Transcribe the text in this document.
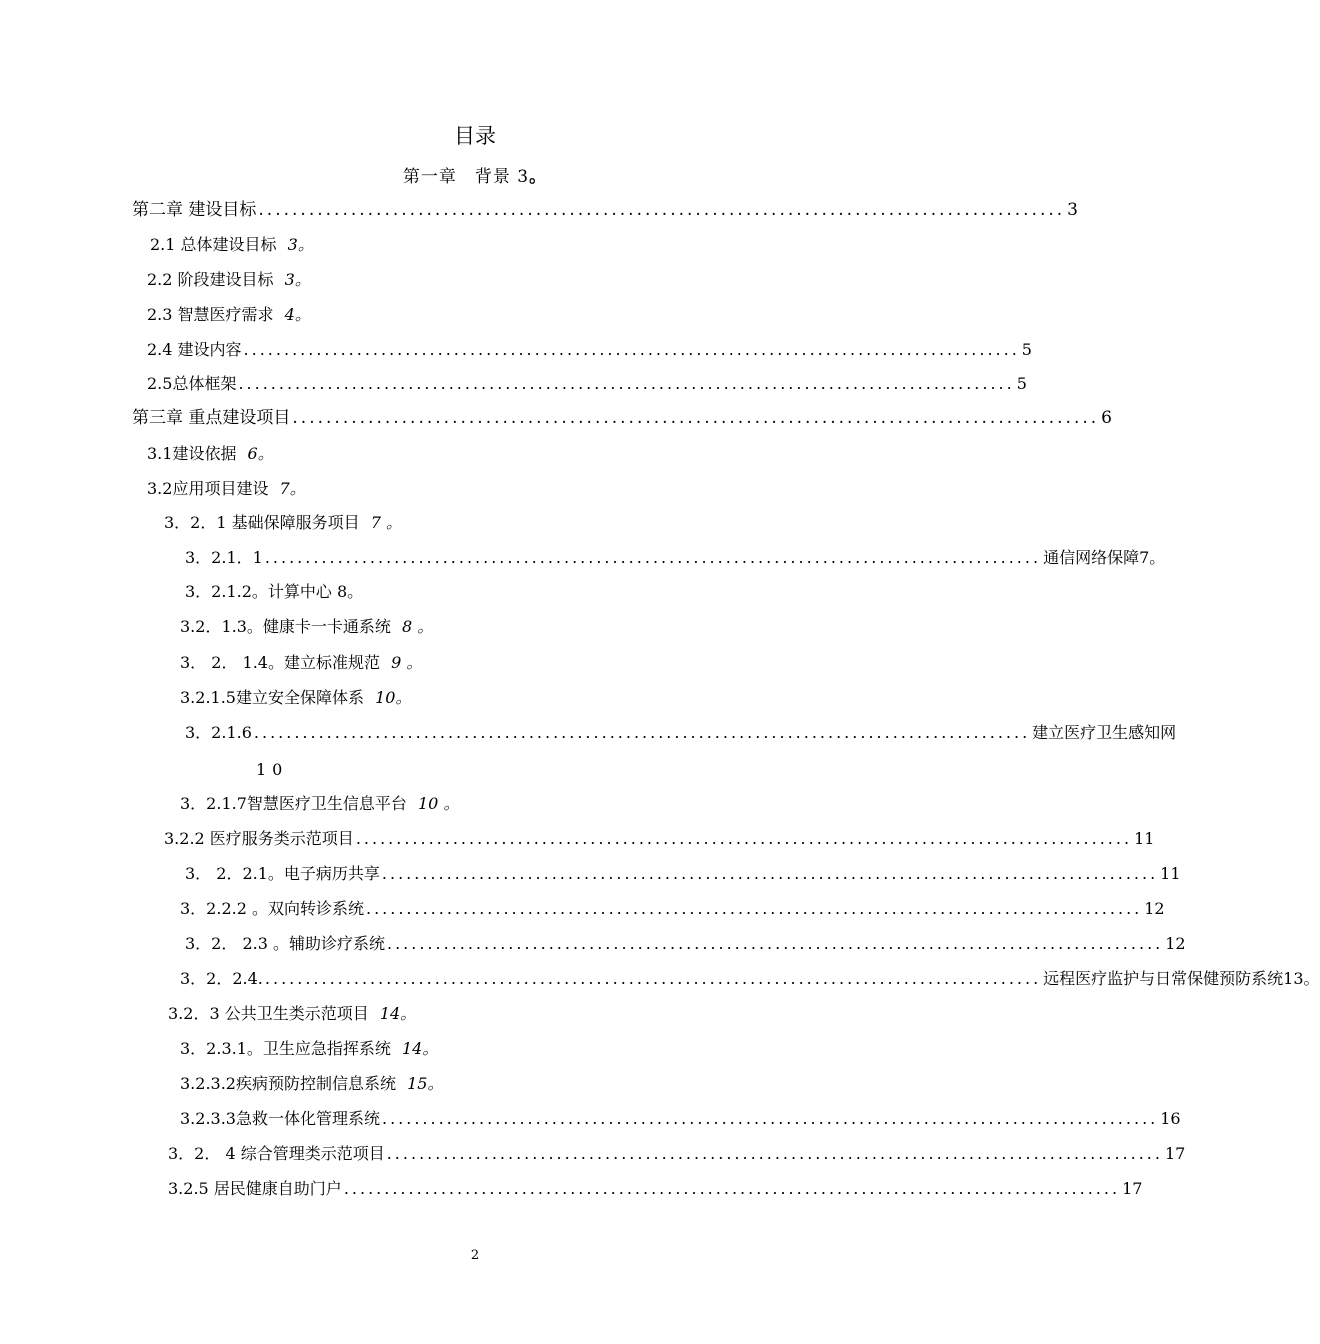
目录
第一章　背景 3。
第二章 建设目标 ................................................................................................ 3
2.1 总体建设目标 3。
2.2 阶段建设目标 3。
2.3 智慧医疗需求 4。
2.4 建设内容 ................................................................................................ 5
2.5总体框架 ................................................................................................ 5
第三章 重点建设项目 ................................................................................................ 6
3.1建设依据 6。
3.2应用项目建设 7。
3．2．1 基础保障服务项目 7 。
3．2.1．1 ................................................................................................ 通信网络保障7。
3．2.1.2。计算中心 8。
3.2．1.3。健康卡一卡通系统 8 。
3． 2． 1.4。建立标准规范 9 。
3.2.1.5建立安全保障体系 10。
3．2.1.6 ................................................................................................ 建立医疗卫生感知网
10
3．2.1.7智慧医疗卫生信息平台 10 。
3.2.2 医疗服务类示范项目 ................................................................................................ 11
3． 2．2.1。电子病历共享 ................................................................................................ 11
3．2.2.2 。双向转诊系统 ................................................................................................ 12
3．2． 2.3 。辅助诊疗系统 ................................................................................................ 12
3．2．2.4. ................................................................................................ 远程医疗监护与日常保健预防系统13。
3.2．3 公共卫生类示范项目 14。
3．2.3.1。卫生应急指挥系统 14。
3.2.3.2疾病预防控制信息系统 15。
3.2.3.3急救一体化管理系统 ................................................................................................ 16
3．2． 4 综合管理类示范项目 ................................................................................................ 17
3.2.5 居民健康自助门户 ................................................................................................ 17
2
